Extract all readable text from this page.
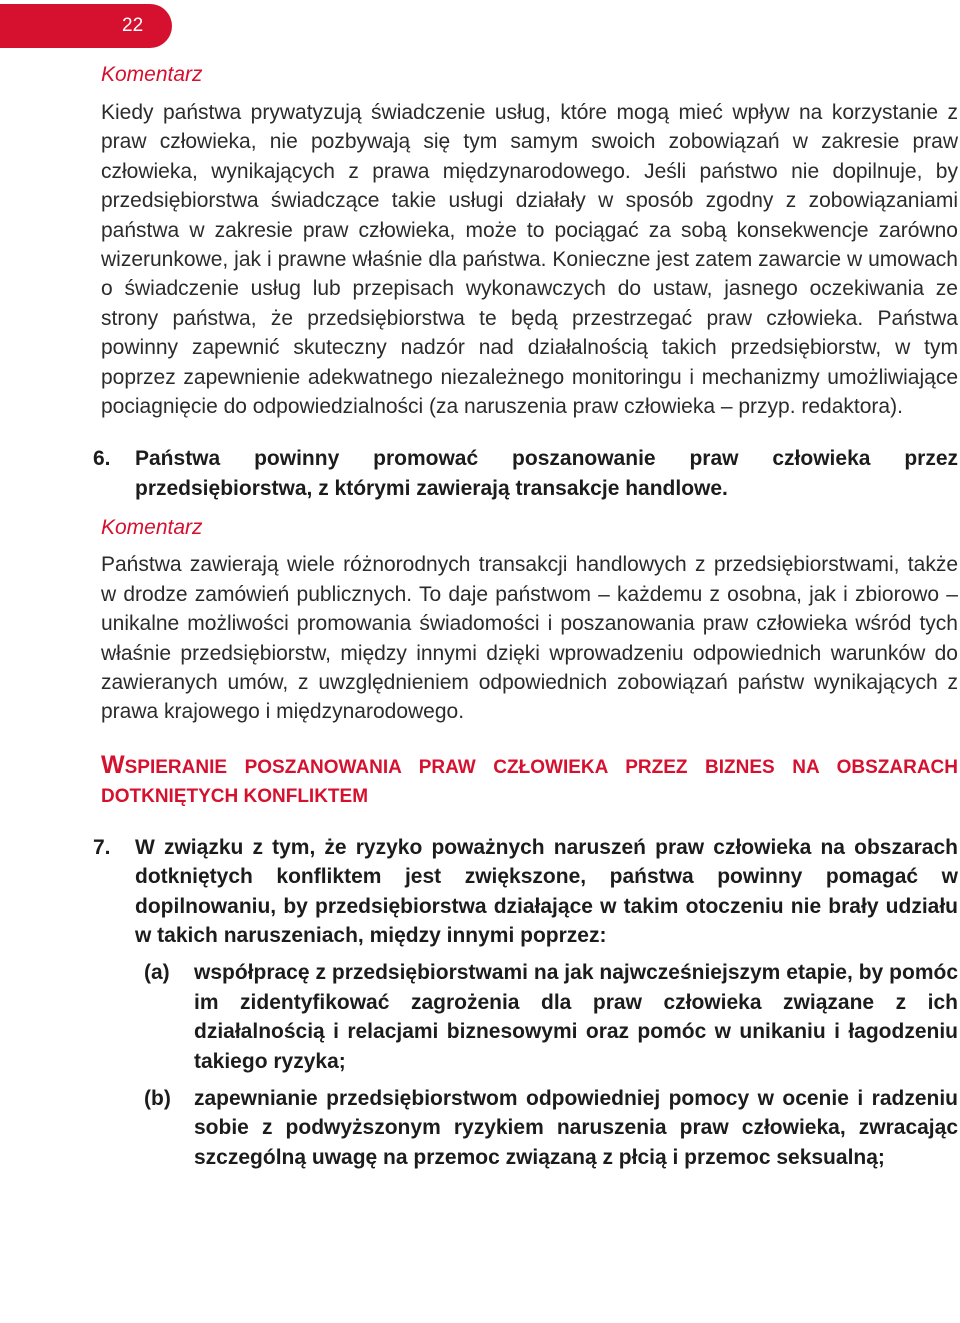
22

Komentarz

Kiedy państwa prywatyzują świadczenie usług, które mogą mieć wpływ na korzystanie z praw człowieka, nie pozbywają się tym samym swoich zobowiązań w zakresie praw człowieka, wynikających z prawa międzynarodowego. Jeśli państwo nie dopilnuje, by przedsiębiorstwa świadczące takie usługi działały w sposób zgodny z zobowiązaniami państwa w zakresie praw człowieka, może to pociągać za sobą konsekwencje zarówno wizerunkowe, jak i prawne właśnie dla państwa. Konieczne jest zatem zawarcie w umowach o świadczenie usług lub przepisach wykonawczych do ustaw, jasnego oczekiwania ze strony państwa, że przedsiębiorstwa te będą przestrzegać praw człowieka. Państwa powinny zapewnić skuteczny nadzór nad działalnością takich przedsiębiorstw, w tym poprzez zapewnienie adekwatnego niezależnego monitoringu i mechanizmy umożliwiające pociagnięcie do odpowiedzialności (za naruszenia praw człowieka – przyp. redaktora).

6.	Państwa powinny promować poszanowanie praw człowieka przez przedsiębiorstwa, z którymi zawierają transakcje handlowe.

Komentarz

Państwa zawierają wiele różnorodnych transakcji handlowych z przedsiębiorstwami, także w drodze zamówień publicznych. To daje państwom – każdemu z osobna, jak i zbiorowo – unikalne możliwości promowania świadomości i poszanowania praw człowieka wśród tych właśnie przedsiębiorstw, między innymi dzięki wprowadzeniu odpowiednich warunków do zawieranych umów, z uwzględnieniem odpowiednich zobowiązań państw wynikających z prawa krajowego i międzynarodowego.

WSPIERANIE POSZANOWANIA PRAW CZŁOWIEKA PRZEZ BIZNES NA OBSZARACH DOTKNIĘTYCH KONFLIKTEM

7.	W związku z tym, że ryzyko poważnych naruszeń praw człowieka na obszarach dotkniętych konfliktem jest zwiększone, państwa powinny pomagać w dopilnowaniu, by przedsiębiorstwa działające w takim otoczeniu nie brały udziału w takich naruszeniach, między innymi poprzez:
(a)	współpracę z przedsiębiorstwami na jak najwcześniejszym etapie, by pomóc im zidentyfikować zagrożenia dla praw człowieka związane z ich działalnością i relacjami biznesowymi oraz pomóc w unikaniu i łagodzeniu takiego ryzyka;
(b)	zapewnianie przedsiębiorstwom odpowiedniej pomocy w ocenie i radzeniu sobie z podwyższonym ryzykiem naruszenia praw człowieka, zwracając szczególną uwagę na przemoc związaną z płcią i przemoc seksualną;
